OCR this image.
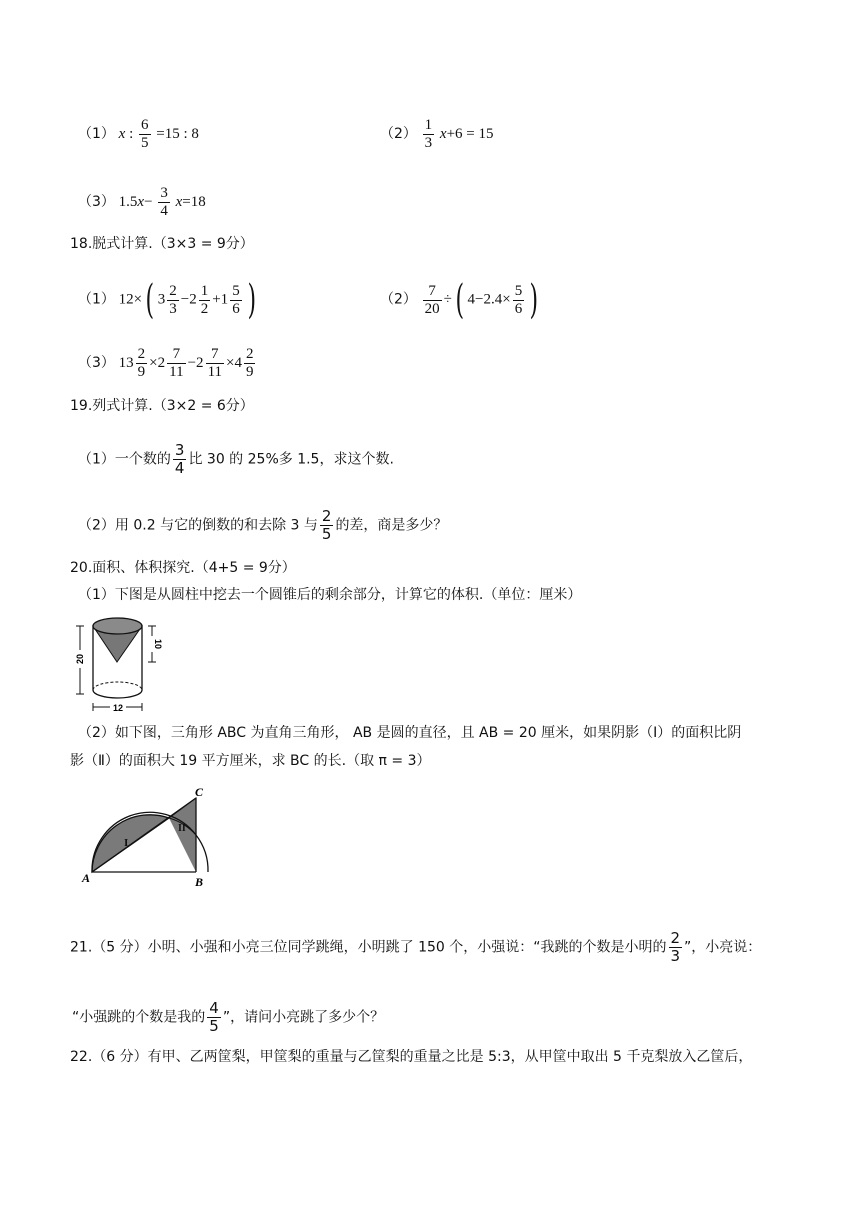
（1） x : $\frac{6}{5} =15$ : 8	$(2) \frac{1}{3} x+6 = 15$
（3） $1.5x- \frac{3}{4} x=18$
18.脱式计算.（3×3 = 9分）
（1） 12×( $3 \frac{2}{3} -2 \frac{1}{2} +1 \frac{5}{6}$ )	$(2) \frac{7}{20}$ ÷( $4-2.4\times \frac{5}{6}$ )
（3） $13 \frac{2}{9} \times 2 \frac{7}{11} -2 \frac{7}{11} \times 4 \frac{2}{9}$
19.列式计算.（3×2 = 6分）
（1）一个数的 $\frac{3}{4}$ 比 30 的 25%多 1.5，求这个数.
（2）用 0.2 与它的倒数的和去除 3 与 $\frac{2}{5}$ 的差，商是多少？
20.面积、体积探究.（4+5 = 9分）
（1）下图是从圆柱中挖去一个圆锥后的剩余部分，计算它的体积.（单位：厘米）
20
10
12
（2）如下图，三角形 ABC 为直角三角形， AB 是圆的直径，且 AB = 20 厘米，如果阴影（Ⅰ）的面积比阴
影（Ⅱ）的面积大 19 平方厘米，求 BC 的长.（取 π = 3）
I
II
A	B
C
21.（5 分）小明、小强和小亮三位同学跳绳，小明跳了 150 个，小强说：“我跳的个数是小明的 $\frac{2}{3}$ ”，小亮说：
“小强跳的个数是我的 $\frac{4}{5}$ ”，请问小亮跳了多少个？
22.（6 分）有甲、乙两筐梨，甲筐梨的重量与乙筐梨的重量之比是 5:3，从甲筐中取出 5 千克梨放入乙筐后，
